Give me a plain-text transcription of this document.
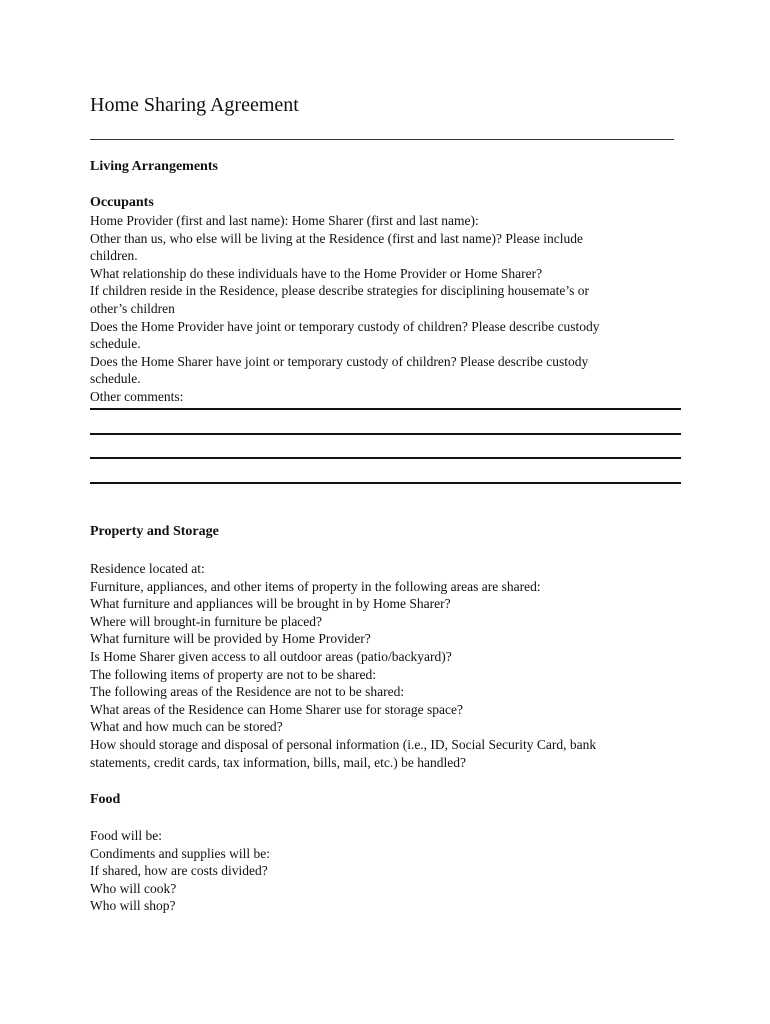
Home Sharing Agreement
Living Arrangements
Occupants
Home Provider (first and last name): Home Sharer (first and last name):
Other than us, who else will be living at the Residence (first and last name)? Please include
children.
What relationship do these individuals have to the Home Provider or Home Sharer?
If children reside in the Residence, please describe strategies for disciplining housemate’s or
other’s children
Does the Home Provider have joint or temporary custody of children? Please describe custody
schedule.
Does the Home Sharer have joint or temporary custody of children? Please describe custody
schedule.
Other comments:
Property and Storage
Residence located at:
Furniture, appliances, and other items of property in the following areas are shared:
What furniture and appliances will be brought in by Home Sharer?
Where will brought-in furniture be placed?
What furniture will be provided by Home Provider?
Is Home Sharer given access to all outdoor areas (patio/backyard)?
The following items of property are not to be shared:
The following areas of the Residence are not to be shared:
What areas of the Residence can Home Sharer use for storage space?
What and how much can be stored?
How should storage and disposal of personal information (i.e., ID, Social Security Card, bank
statements, credit cards, tax information, bills, mail, etc.) be handled?
Food
Food will be:
Condiments and supplies will be:
If shared, how are costs divided?
Who will cook?
Who will shop?
